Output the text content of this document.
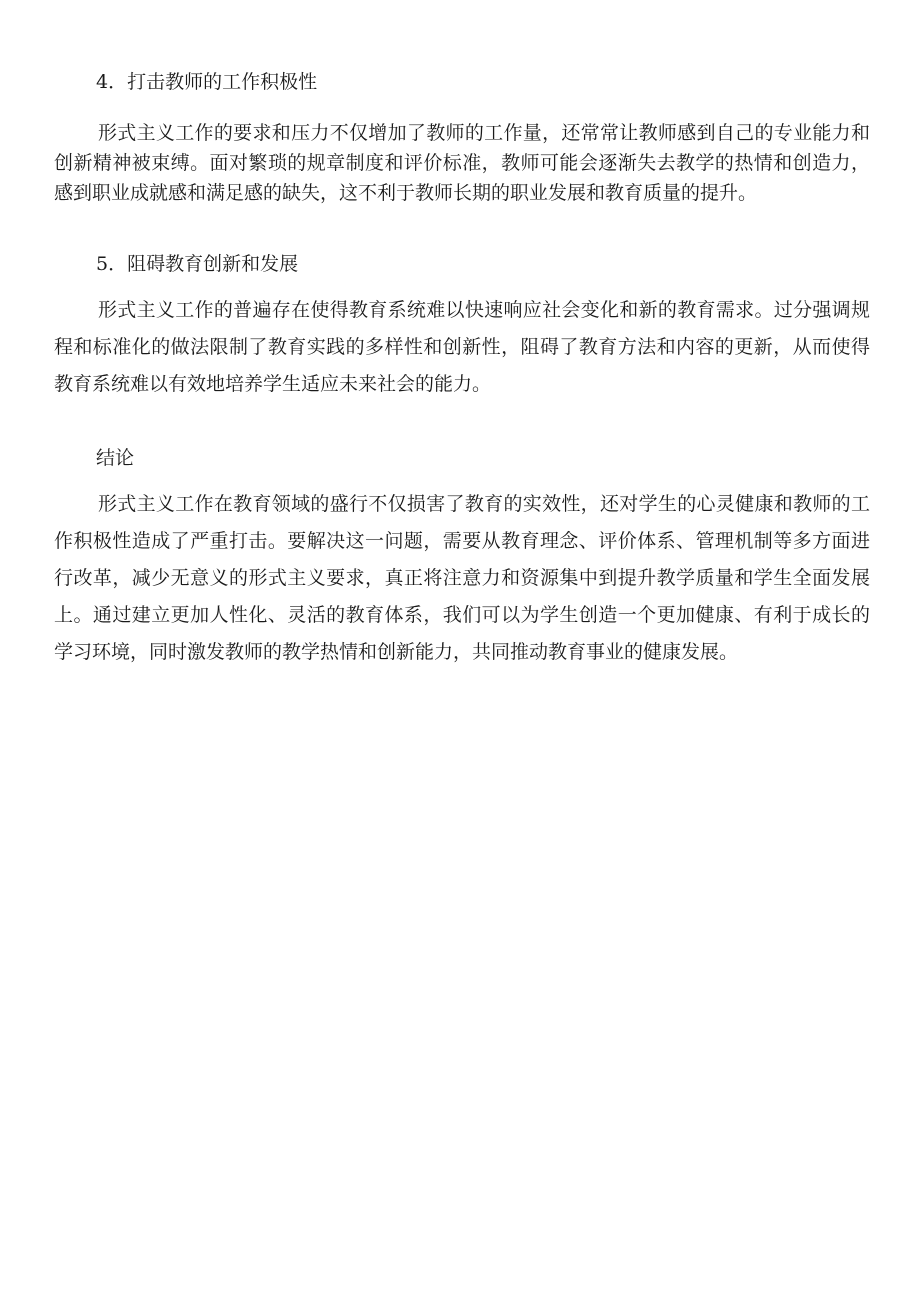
4．打击教师的工作积极性

形式主义工作的要求和压力不仅增加了教师的工作量，还常常让教师感到自己的专业能力和创新精神被束缚。面对繁琐的规章制度和评价标准，教师可能会逐渐失去教学的热情和创造力，感到职业成就感和满足感的缺失，这不利于教师长期的职业发展和教育质量的提升。

5．阻碍教育创新和发展

形式主义工作的普遍存在使得教育系统难以快速响应社会变化和新的教育需求。过分强调规程和标准化的做法限制了教育实践的多样性和创新性，阻碍了教育方法和内容的更新，从而使得教育系统难以有效地培养学生适应未来社会的能力。

结论

形式主义工作在教育领域的盛行不仅损害了教育的实效性，还对学生的心灵健康和教师的工作积极性造成了严重打击。要解决这一问题，需要从教育理念、评价体系、管理机制等多方面进行改革，减少无意义的形式主义要求，真正将注意力和资源集中到提升教学质量和学生全面发展上。通过建立更加人性化、灵活的教育体系，我们可以为学生创造一个更加健康、有利于成长的学习环境，同时激发教师的教学热情和创新能力，共同推动教育事业的健康发展。
